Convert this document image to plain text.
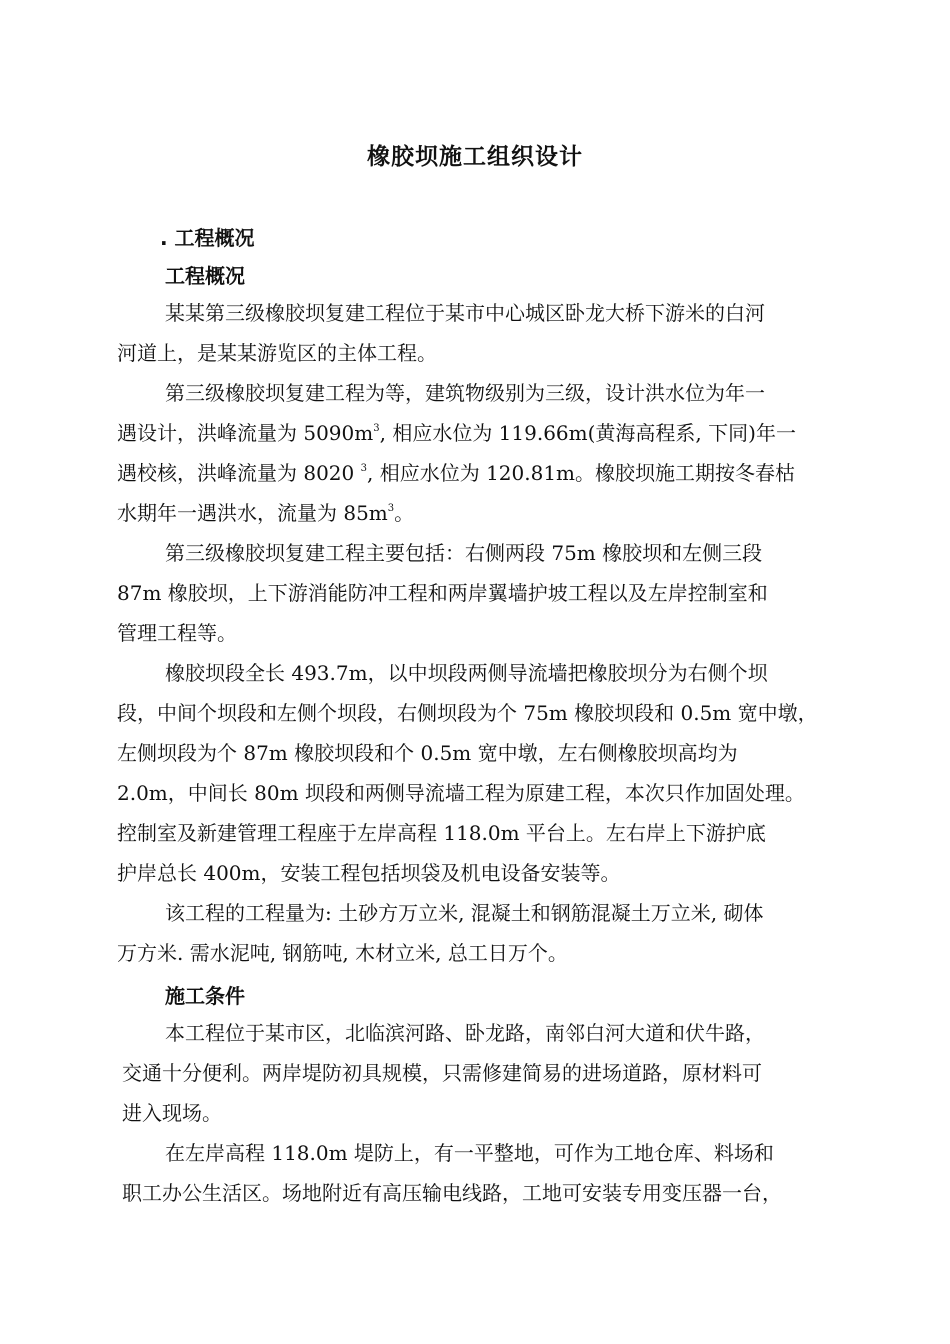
橡胶坝施工组织设计
. 工程概况
工程概况
某某第三级橡胶坝复建工程位于某市中心城区卧龙大桥下游米的白河
河道上，是某某游览区的主体工程。
第三级橡胶坝复建工程为等，建筑物级别为三级，设计洪水位为年一
遇设计，洪峰流量为 $5090m^3$, 相应水位为 119.66m(黄海高程系, 下同)年一
遇校核，洪峰流量为 8020 $^3$, 相应水位为 120.81m。橡胶坝施工期按冬春枯
水期年一遇洪水，流量为 $85m^3$。
第三级橡胶坝复建工程主要包括：右侧两段 75m 橡胶坝和左侧三段
87m 橡胶坝，上下游消能防冲工程和两岸翼墙护坡工程以及左岸控制室和
管理工程等。
橡胶坝段全长 493.7m，以中坝段两侧导流墙把橡胶坝分为右侧个坝
段，中间个坝段和左侧个坝段，右侧坝段为个 75m 橡胶坝段和 0.5m 宽中墩，
左侧坝段为个 87m 橡胶坝段和个 0.5m 宽中墩，左右侧橡胶坝高均为
2.0m，中间长 80m 坝段和两侧导流墙工程为原建工程，本次只作加固处理。
控制室及新建管理工程座于左岸高程 118.0m 平台上。左右岸上下游护底
护岸总长 400m，安装工程包括坝袋及机电设备安装等。
该工程的工程量为: 土砂方万立米, 混凝土和钢筋混凝土万立米, 砌体
万方米. 需水泥吨, 钢筋吨, 木材立米, 总工日万个。
施工条件
本工程位于某市区，北临滨河路、卧龙路，南邻白河大道和伏牛路，
交通十分便利。两岸堤防初具规模，只需修建简易的进场道路，原材料可
进入现场。
在左岸高程 118.0m 堤防上，有一平整地，可作为工地仓库、料场和
职工办公生活区。场地附近有高压输电线路，工地可安装专用变压器一台，
